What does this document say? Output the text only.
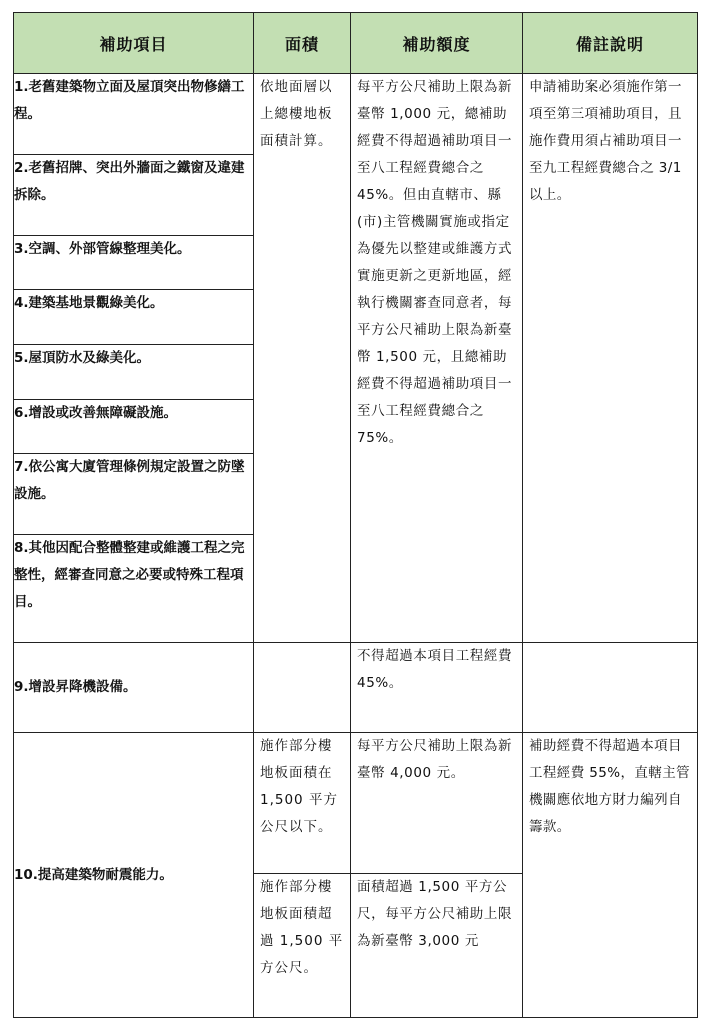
補助項目	面積	補助額度	備註說明
1.老舊建築物立面及屋頂突出物修繕工程。	依地面層以上總樓地板面積計算。	每平方公尺補助上限為新臺幣 1,000 元，總補助經費不得超過補助項目一至八工程經費總合之 45%。但由直轄市、縣(市)主管機關實施或指定為優先以整建或維護方式實施更新之更新地區，經執行機關審查同意者，每平方公尺補助上限為新臺幣 1,500 元，且總補助經費不得超過補助項目一至八工程經費總合之 75%。	申請補助案必須施作第一項至第三項補助項目，且施作費用須占補助項目一至九工程經費總合之 3/1 以上。

2.老舊招牌、突出外牆面之鐵窗及違建拆除。			
3.空調、外部管線整理美化。			
4.建築基地景觀綠美化。			
5.屋頂防水及綠美化。			
6.增設或改善無障礙設施。			
7.依公寓大廈管理條例規定設置之防墜設施。			
8.其他因配合整體整建或維護工程之完整性，經審查同意之必要或特殊工程項目。			
9.增設昇降機設備。		不得超過本項目工程經費 45%。	

10.提高建築物耐震能力。	施作部分樓地板面積在 1,500 平方公尺以下。	每平方公尺補助上限為新臺幣 4,000 元。	補助經費不得超過本項目工程經費 55%，直轄主管機關應依地方財力編列自籌款。

	施作部分樓地板面積超過 1,500 平方公尺。	面積超過 1,500 平方公尺，每平方公尺補助上限為新臺幣 3,000 元	
